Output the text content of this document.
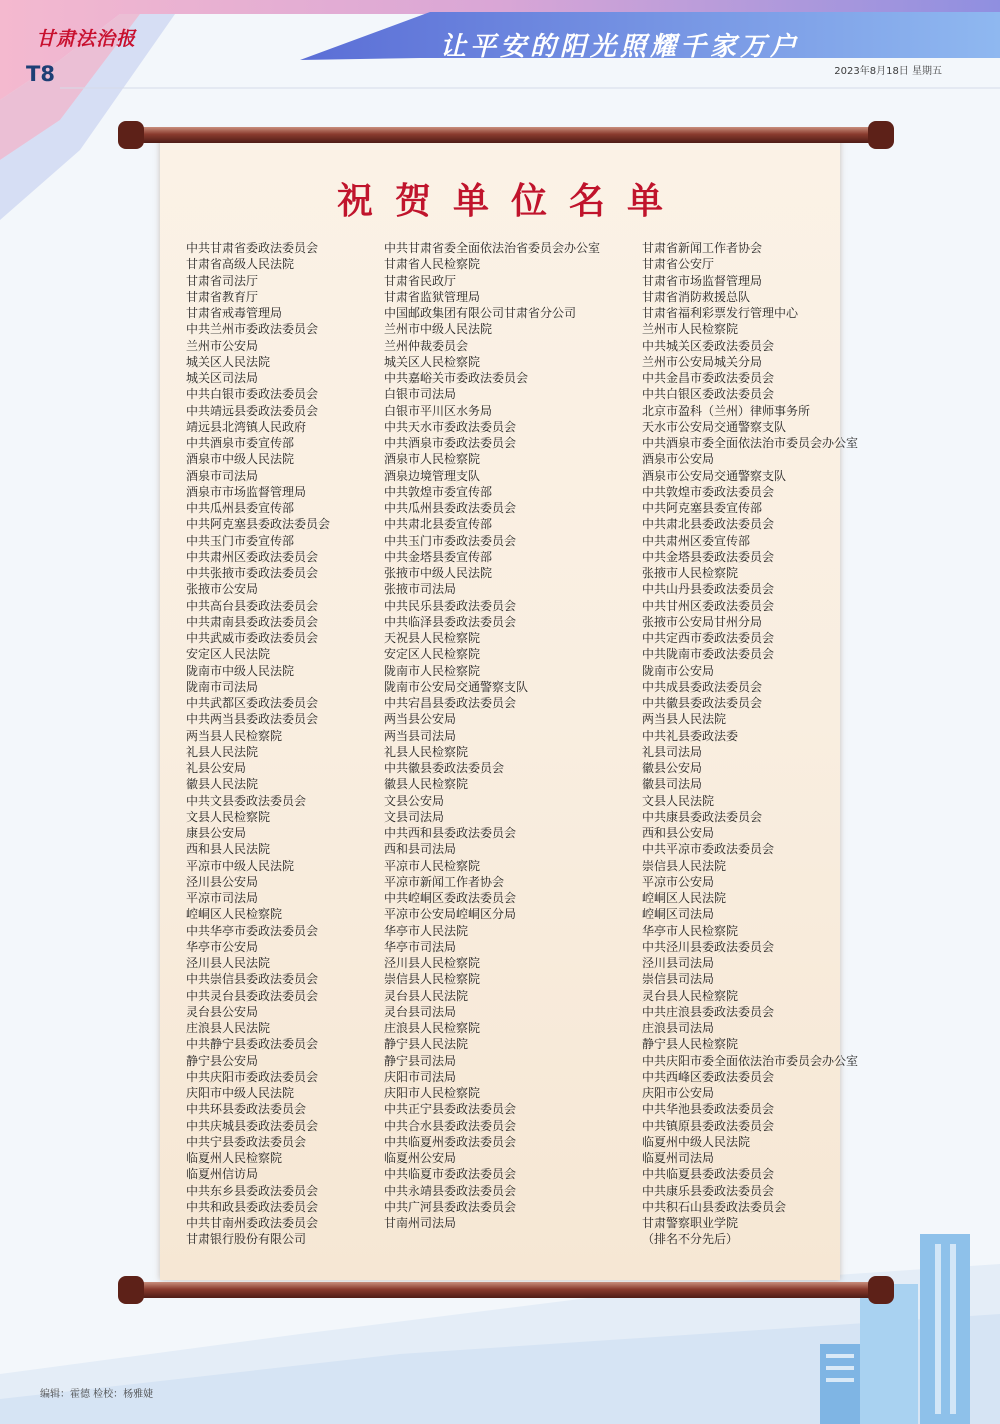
甘肃法治报
T8
让平安的阳光照耀千家万户
2023年8月18日 星期五
编辑：霍德 检校：杨雅婕
祝贺单位名单
中共甘肃省委政法委员会
甘肃省高级人民法院
甘肃省司法厅
甘肃省教育厅
甘肃省戒毒管理局
中共兰州市委政法委员会
兰州市公安局
城关区人民法院
城关区司法局
中共白银市委政法委员会
中共靖远县委政法委员会
靖远县北湾镇人民政府
中共酒泉市委宣传部
酒泉市中级人民法院
酒泉市司法局
酒泉市市场监督管理局
中共瓜州县委宣传部
中共阿克塞县委政法委员会
中共玉门市委宣传部
中共肃州区委政法委员会
中共张掖市委政法委员会
张掖市公安局
中共高台县委政法委员会
中共肃南县委政法委员会
中共武威市委政法委员会
安定区人民法院
陇南市中级人民法院
陇南市司法局
中共武都区委政法委员会
中共两当县委政法委员会
两当县人民检察院
礼县人民法院
礼县公安局
徽县人民法院
中共文县委政法委员会
文县人民检察院
康县公安局
西和县人民法院
平凉市中级人民法院
泾川县公安局
平凉市司法局
崆峒区人民检察院
中共华亭市委政法委员会
华亭市公安局
泾川县人民法院
中共崇信县委政法委员会
中共灵台县委政法委员会
灵台县公安局
庄浪县人民法院
中共静宁县委政法委员会
静宁县公安局
中共庆阳市委政法委员会
庆阳市中级人民法院
中共环县委政法委员会
中共庆城县委政法委员会
中共宁县委政法委员会
临夏州人民检察院
临夏州信访局
中共东乡县委政法委员会
中共和政县委政法委员会
中共甘南州委政法委员会
甘肃银行股份有限公司
中共甘肃省委全面依法治省委员会办公室
甘肃省人民检察院
甘肃省民政厅
甘肃省监狱管理局
中国邮政集团有限公司甘肃省分公司
兰州市中级人民法院
兰州仲裁委员会
城关区人民检察院
中共嘉峪关市委政法委员会
白银市司法局
白银市平川区水务局
中共天水市委政法委员会
中共酒泉市委政法委员会
酒泉市人民检察院
酒泉边境管理支队
中共敦煌市委宣传部
中共瓜州县委政法委员会
中共肃北县委宣传部
中共玉门市委政法委员会
中共金塔县委宣传部
张掖市中级人民法院
张掖市司法局
中共民乐县委政法委员会
中共临泽县委政法委员会
天祝县人民检察院
安定区人民检察院
陇南市人民检察院
陇南市公安局交通警察支队
中共宕昌县委政法委员会
两当县公安局
两当县司法局
礼县人民检察院
中共徽县委政法委员会
徽县人民检察院
文县公安局
文县司法局
中共西和县委政法委员会
西和县司法局
平凉市人民检察院
平凉市新闻工作者协会
中共崆峒区委政法委员会
平凉市公安局崆峒区分局
华亭市人民法院
华亭市司法局
泾川县人民检察院
崇信县人民检察院
灵台县人民法院
灵台县司法局
庄浪县人民检察院
静宁县人民法院
静宁县司法局
庆阳市司法局
庆阳市人民检察院
中共正宁县委政法委员会
中共合水县委政法委员会
中共临夏州委政法委员会
临夏州公安局
中共临夏市委政法委员会
中共永靖县委政法委员会
中共广河县委政法委员会
甘南州司法局
甘肃省新闻工作者协会
甘肃省公安厅
甘肃省市场监督管理局
甘肃省消防救援总队
甘肃省福利彩票发行管理中心
兰州市人民检察院
中共城关区委政法委员会
兰州市公安局城关分局
中共金昌市委政法委员会
中共白银区委政法委员会
北京市盈科（兰州）律师事务所
天水市公安局交通警察支队
中共酒泉市委全面依法治市委员会办公室
酒泉市公安局
酒泉市公安局交通警察支队
中共敦煌市委政法委员会
中共阿克塞县委宣传部
中共肃北县委政法委员会
中共肃州区委宣传部
中共金塔县委政法委员会
张掖市人民检察院
中共山丹县委政法委员会
中共甘州区委政法委员会
张掖市公安局甘州分局
中共定西市委政法委员会
中共陇南市委政法委员会
陇南市公安局
中共成县委政法委员会
中共徽县委政法委员会
两当县人民法院
中共礼县委政法委
礼县司法局
徽县公安局
徽县司法局
文县人民法院
中共康县委政法委员会
西和县公安局
中共平凉市委政法委员会
崇信县人民法院
平凉市公安局
崆峒区人民法院
崆峒区司法局
华亭市人民检察院
中共泾川县委政法委员会
泾川县司法局
崇信县司法局
灵台县人民检察院
中共庄浪县委政法委员会
庄浪县司法局
静宁县人民检察院
中共庆阳市委全面依法治市委员会办公室
中共西峰区委政法委员会
庆阳市公安局
中共华池县委政法委员会
中共镇原县委政法委员会
临夏州中级人民法院
临夏州司法局
中共临夏县委政法委员会
中共康乐县委政法委员会
中共积石山县委政法委员会
甘肃警察职业学院
（排名不分先后）
